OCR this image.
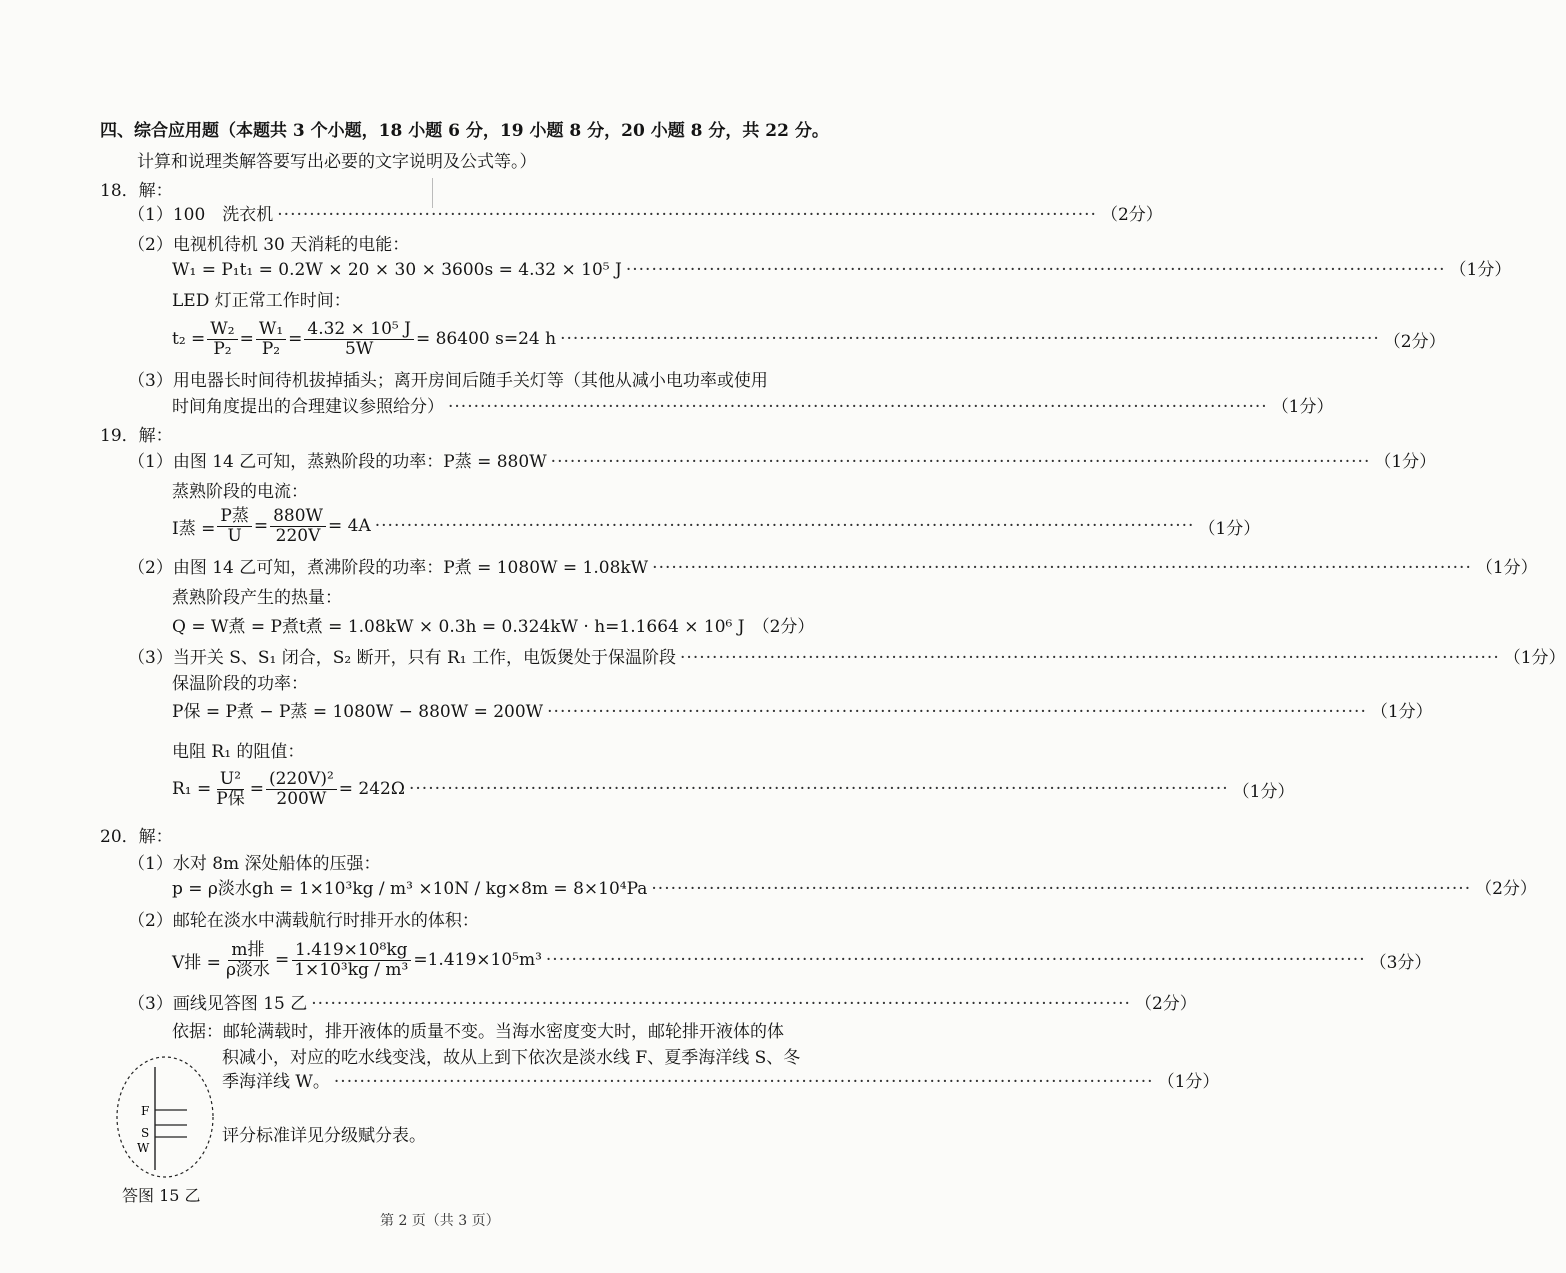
四、综合应用题（本题共 3 个小题，18 小题 6 分，19 小题 8 分，20 小题 8 分，共 22 分。
计算和说理类解答要写出必要的文字说明及公式等。）
18．解：
（1）100　洗衣机 ································································································································ （2分）
（2）电视机待机 30 天消耗的电能：
W₁ = P₁t₁ = 0.2W × 20 × 30 × 3600s = 4.32 × 10⁵ J ································································································································ （1分）
LED 灯正常工作时间：
$t_2 = \frac{\text{W₂}}{\text{P₂}} = \frac{\text{W₁}}{\text{P₂}} = \frac{\text{4.32 × 10⁵ J}}{5W} = 86400$ s=24 h ································································································································ （2分）
（3）用电器长时间待机拔掉插头；离开房间后随手关灯等（其他从减小电功率或使用
时间角度提出的合理建议参照给分） ································································································································ （1分）
19．解：
（1）由图 14 乙可知，蒸熟阶段的功率：P蒸 = 880W ································································································································ （1分）
蒸熟阶段的电流：
I蒸 = $\frac{\text{P蒸}}{U} = \frac{880W}{220V} = 4A$ ································································································································ （1分）
（2）由图 14 乙可知，煮沸阶段的功率：P煮 = 1080W = 1.08kW ································································································································ （1分）
煮熟阶段产生的热量：
Q = W煮 = P煮t煮 = 1.08kW × 0.3h = 0.324kW · h=1.1664 × 10⁶ J （2分）
（3）当开关 S、S₁ 闭合，S₂ 断开，只有 R₁ 工作，电饭煲处于保温阶段 ································································································································ （1分）
保温阶段的功率：
P保 = P煮 − P蒸 = 1080W − 880W = 200W ································································································································ （1分）
电阻 R₁ 的阻值：
$R_1 = \frac{\text{U²}}{\text{P保}} = \frac{\text{(220V)²}}{200W} = 242\Omega$ ································································································································ （1分）
20．解：
（1）水对 8m 深处船体的压强：
p = ρ淡水gh = 1×10³kg / m³ ×10N / kg×8m = 8×10⁴Pa ································································································································ （2分）
（2）邮轮在淡水中满载航行时排开水的体积：
V排 = $\frac{\text{m排}}{\text{ρ淡水}} = \frac{\text{1.419×10⁸kg}}{\text{1×10³kg / m³}} =1.419\times 10^5m^3$ ································································································································ （3分）
（3）画线见答图 15 乙 ································································································································ （2分）
依据：邮轮满载时，排开液体的质量不变。当海水密度变大时，邮轮排开液体的体
积减小，对应的吃水线变浅，故从上到下依次是淡水线 F、夏季海洋线 S、冬
季海洋线 W。 ································································································································ （1分）
评分标准详见分级赋分表。
F
S
W
答图 15 乙
第 2 页（共 3 页）
